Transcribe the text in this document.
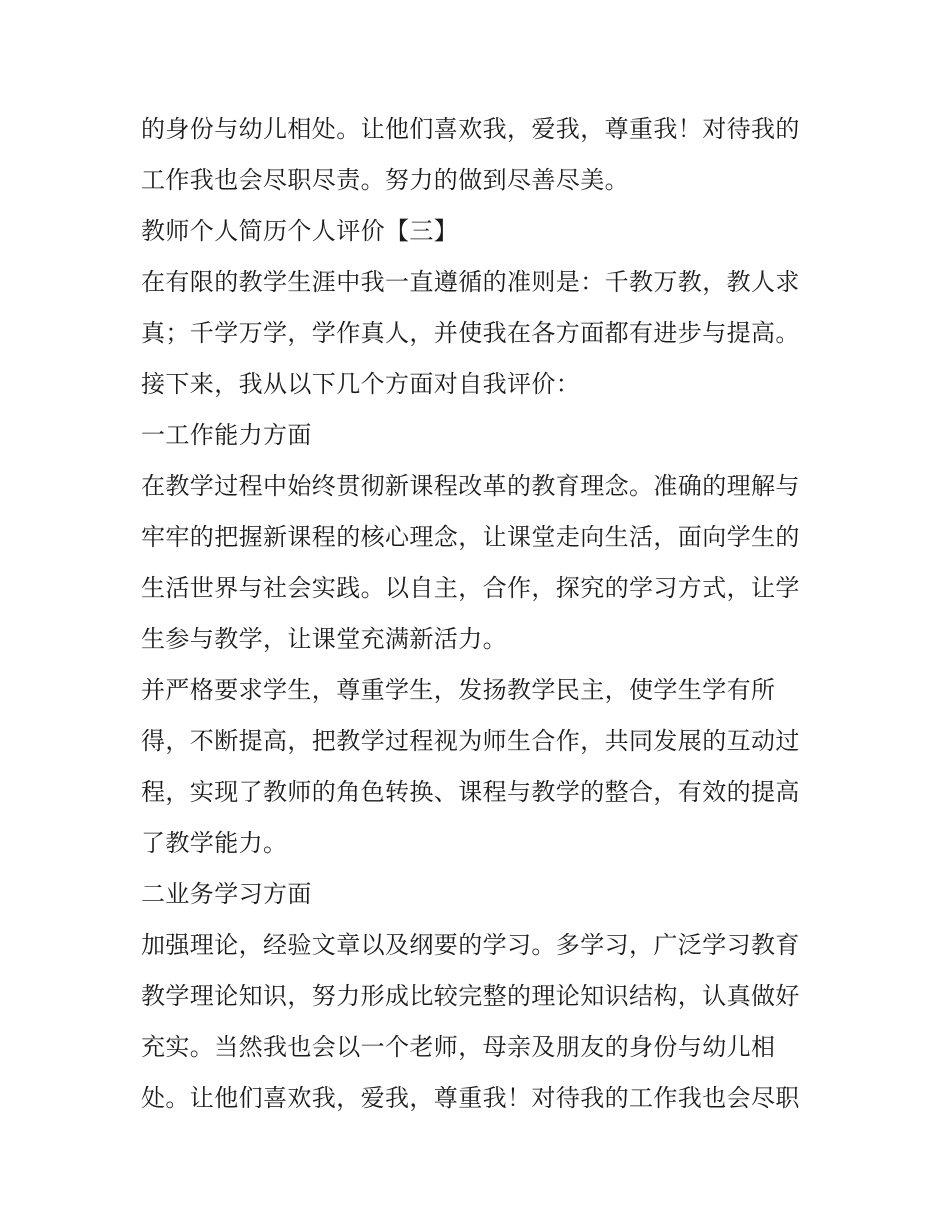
的身份与幼儿相处。让他们喜欢我，爱我，尊重我！对待我的
工作我也会尽职尽责。努力的做到尽善尽美。
教师个人简历个人评价【三】
在有限的教学生涯中我一直遵循的准则是：千教万教，教人求
真；千学万学，学作真人，并使我在各方面都有进步与提高。
接下来，我从以下几个方面对自我评价：
一工作能力方面
在教学过程中始终贯彻新课程改革的教育理念。准确的理解与
牢牢的把握新课程的核心理念，让课堂走向生活，面向学生的
生活世界与社会实践。以自主，合作，探究的学习方式，让学
生参与教学，让课堂充满新活力。
并严格要求学生，尊重学生，发扬教学民主，使学生学有所
得，不断提高，把教学过程视为师生合作，共同发展的互动过
程，实现了教师的角色转换、课程与教学的整合，有效的提高
了教学能力。
二业务学习方面
加强理论，经验文章以及纲要的学习。多学习，广泛学习教育
教学理论知识，努力形成比较完整的理论知识结构，认真做好
充实。当然我也会以一个老师，母亲及朋友的身份与幼儿相
处。让他们喜欢我，爱我，尊重我！对待我的工作我也会尽职
